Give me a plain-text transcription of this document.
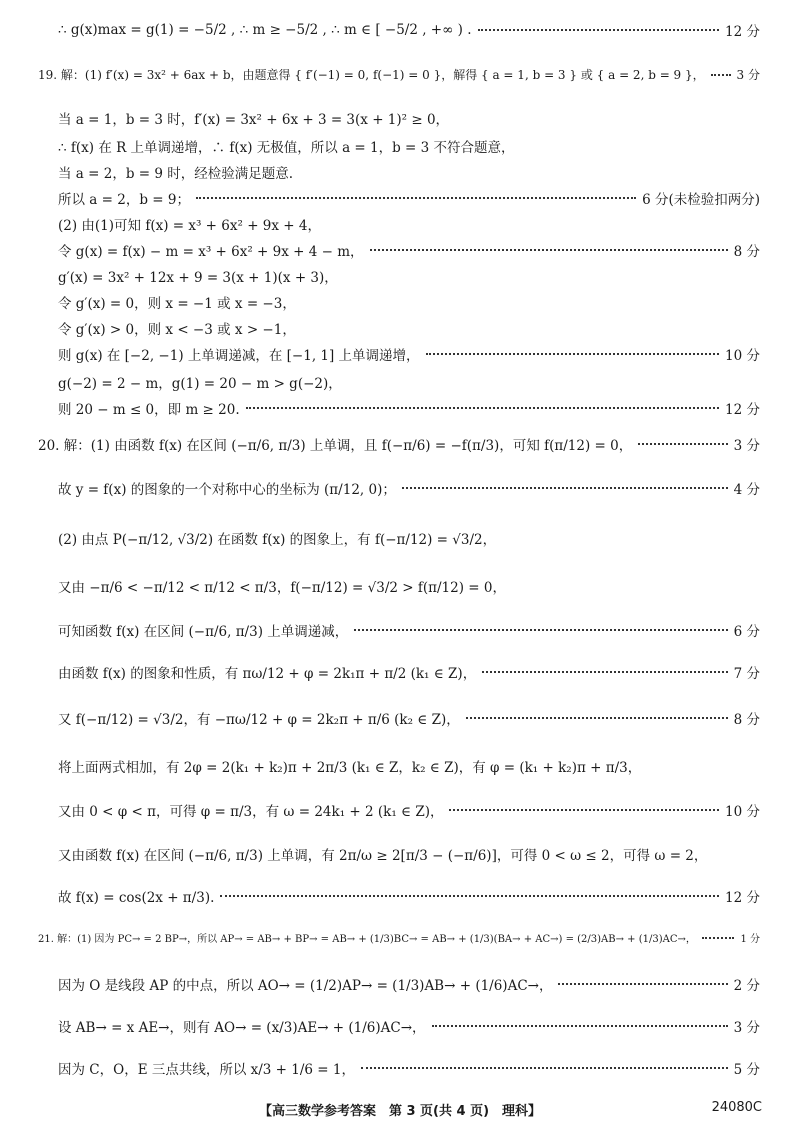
∴ g(x)max = g(1) = −5/2 , ∴ m ≥ −5/2 , ∴ m ∈ [ −5/2 , +∞ ) .	12 分
19. 解：(1) f′(x) = 3x² + 6ax + b，由题意得 { f′(−1) = 0, f(−1) = 0 }，解得 { a = 1, b = 3 } 或 { a = 2, b = 9 }，	3 分
当 a = 1，b = 3 时，f′(x) = 3x² + 6x + 3 = 3(x + 1)² ≥ 0，
∴ f(x) 在 R 上单调递增，∴ f(x) 无极值，所以 a = 1，b = 3 不符合题意，
当 a = 2，b = 9 时，经检验满足题意.
所以 a = 2，b = 9；	6 分(未检验扣两分)
(2) 由(1)可知 f(x) = x³ + 6x² + 9x + 4，
令 g(x) = f(x) − m = x³ + 6x² + 9x + 4 − m，	8 分
g′(x) = 3x² + 12x + 9 = 3(x + 1)(x + 3)，
令 g′(x) = 0，则 x = −1 或 x = −3，
令 g′(x) > 0，则 x < −3 或 x > −1，
则 g(x) 在 [−2, −1) 上单调递减，在 [−1, 1] 上单调递增，	10 分
g(−2) = 2 − m，g(1) = 20 − m > g(−2)，
则 20 − m ≤ 0，即 m ≥ 20.	12 分
20. 解：(1) 由函数 f(x) 在区间 (−π/6, π/3) 上单调，且 f(−π/6) = −f(π/3)，可知 f(π/12) = 0，	3 分
故 y = f(x) 的图象的一个对称中心的坐标为 (π/12, 0)；	4 分
(2) 由点 P(−π/12, √3/2) 在函数 f(x) 的图象上，有 f(−π/12) = √3/2，
又由 −π/6 < −π/12 < π/12 < π/3，f(−π/12) = √3/2 > f(π/12) = 0，
可知函数 f(x) 在区间 (−π/6, π/3) 上单调递减，	6 分
由函数 f(x) 的图象和性质，有 πω/12 + φ = 2k₁π + π/2 (k₁ ∈ Z)，	7 分
又 f(−π/12) = √3/2，有 −πω/12 + φ = 2k₂π + π/6 (k₂ ∈ Z)，	8 分
将上面两式相加，有 2φ = 2(k₁ + k₂)π + 2π/3 (k₁ ∈ Z，k₂ ∈ Z)，有 φ = (k₁ + k₂)π + π/3，
又由 0 < φ < π，可得 φ = π/3，有 ω = 24k₁ + 2 (k₁ ∈ Z)，	10 分
又由函数 f(x) 在区间 (−π/6, π/3) 上单调，有 2π/ω ≥ 2[π/3 − (−π/6)]，可得 0 < ω ≤ 2，可得 ω = 2，
故 f(x) = cos(2x + π/3).	12 分
21. 解：(1) 因为 PC→ = 2 BP→，所以 AP→ = AB→ + BP→ = AB→ + (1/3)BC→ = AB→ + (1/3)(BA→ + AC→) = (2/3)AB→ + (1/3)AC→，	1 分
因为 O 是线段 AP 的中点，所以 AO→ = (1/2)AP→ = (1/3)AB→ + (1/6)AC→，	2 分
设 AB→ = x AE→，则有 AO→ = (x/3)AE→ + (1/6)AC→，	3 分
因为 C，O，E 三点共线，所以 x/3 + 1/6 = 1，	5 分
【高三数学参考答案　第 3 页(共 4 页)　理科】	24080C
